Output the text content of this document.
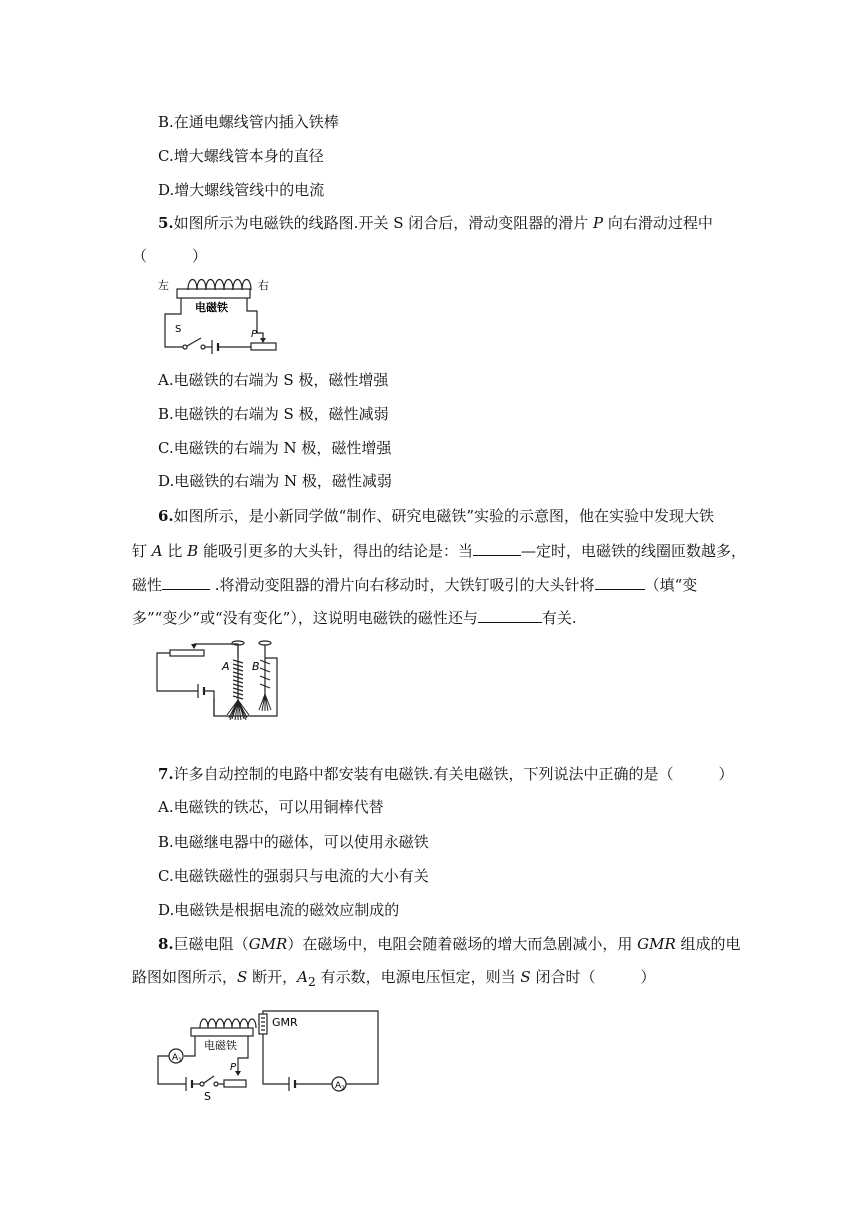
B.在通电螺线管内插入铁棒
C.增大螺线管本身的直径
D.增大螺线管线中的电流
5.如图所示为电磁铁的线路图.开关 S 闭合后，滑动变阻器的滑片 P 向右滑动过程中
（　　　）
左	右
电磁铁
S	P
A.电磁铁的右端为 S 极，磁性增强
B.电磁铁的右端为 S 极，磁性减弱
C.电磁铁的右端为 N 极，磁性增强
D.电磁铁的右端为 N 极，磁性减弱
6.如图所示，是小新同学做“制作、研究电磁铁”实验的示意图，他在实验中发现大铁
钉 A 比 B 能吸引更多的大头针，得出的结论是：当	—定时，电磁铁的线圈匝数越多，
磁性	.将滑动变阻器的滑片向右移动时，大铁钉吸引的大头针将	（填“变
多”“变少”或“没有变化”），这说明电磁铁的磁性还与	有关.
A B
7.许多自动控制的电路中都安装有电磁铁.有关电磁铁，下列说法中正确的是（　　　）
A.电磁铁的铁芯，可以用铜棒代替
B.电磁继电器中的磁体，可以使用永磁铁
C.电磁铁磁性的强弱只与电流的大小有关
D.电磁铁是根据电流的磁效应制成的
8.巨磁电阻（GMR）在磁场中，电阻会随着磁场的增大而急剧减小，用 GMR 组成的电
路图如图所示，S 断开，$A_2$ 有示数，电源电压恒定，则当 S 闭合时（　　　）
GMR
电磁铁
P
S
$A_1$
$A_2$
